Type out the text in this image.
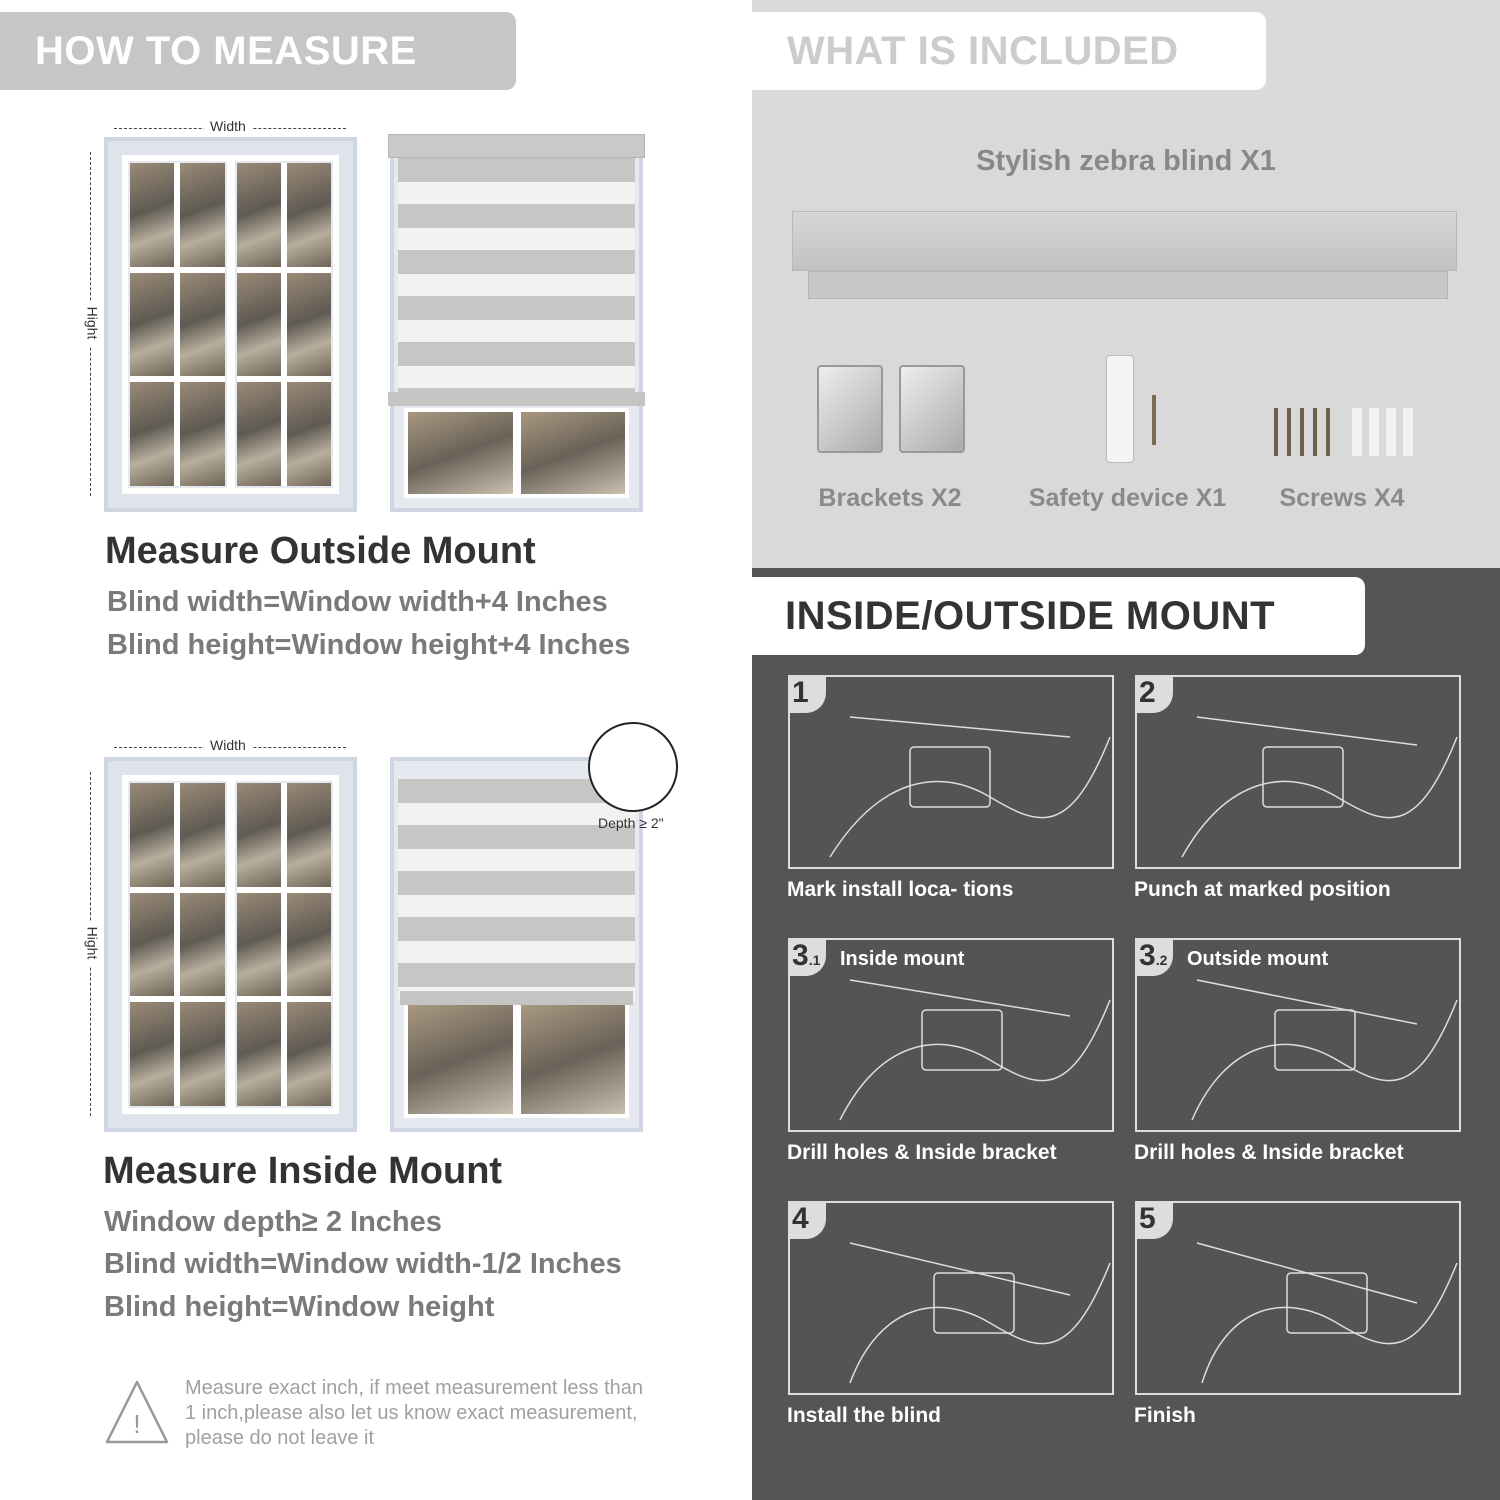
HOW TO MEASURE
Width
Hight
Measure Outside Mount
Blind width=Window width+4 Inches
Blind height=Window height+4 Inches
Width
Hight
Depth ≥ 2"
Measure Inside Mount
Window depth≥ 2 Inches
Blind width=Window width-1/2 Inches
Blind height=Window height
!
Measure exact inch, if meet measurement less than 1 inch,please also let us know exact measurement, please do not leave it
WHAT IS INCLUDED
Stylish zebra blind X1
Brackets X2	Safety device X1	Screws X4
INSIDE/OUTSIDE MOUNT
1
Mark install loca- tions
2
Punch at marked position
3.1 Inside mount
Drill holes & Inside bracket
3.2 Outside mount
Drill holes & Inside bracket
4
Install the blind
5
Finish
